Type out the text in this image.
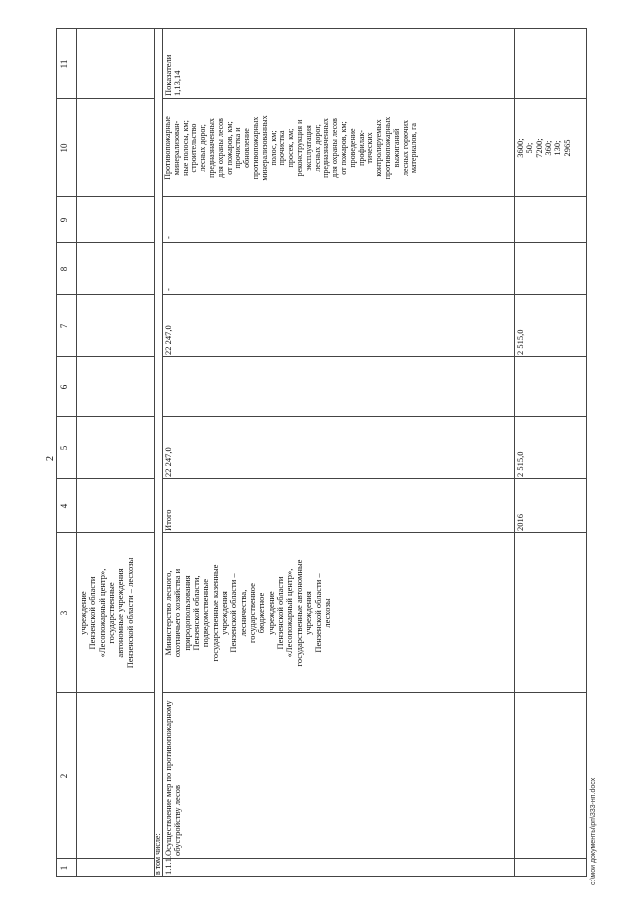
2
1
2
3
4
5
6
7
8
9
10
11
учреждение
Пензенской области
«Лесопожарный центр»,
государственные
автономные учреждения
Пензенской области – лесхозы
в том числе: 1.1.1.
Осуществление мер по противопожарному обустройству лесов
Министерство лесного,
охотничьего хозяйства и
природопользования
Пензенской области,
подведомственные
государственные казенные
учреждения
Пензенской области –
лесничества,
государственное
бюджетное
учреждение
Пензенской области
«Лесопожарный центр»,
государственные автономные
учреждения
Пензенской области –
лесхозы
Итого
22 247,0
22 247,0
-
-
Противопожарные
минерализован-
ные полосы, км;
строительство
лесных дорог,
предназначенных
для охраны лесов
от пожаров, км;
прочистка и
обновление
противопожарных
минерализованных
полос, км;
прочистка
просек, км;
реконструкция и
эксплуатация
лесных дорог,
предназначенных
для охраны лесов
от пожаров, км;
проведение
профилак-
тических
контролируемых
противопожарных
выжиганий
лесных горючих
материалов, га
Показатели
1,13,14
2016
2 515,0
2 515,0
3600;
50;
7200;
360;
130;
2965
c:\мои документы\рп\333-нп.docx
